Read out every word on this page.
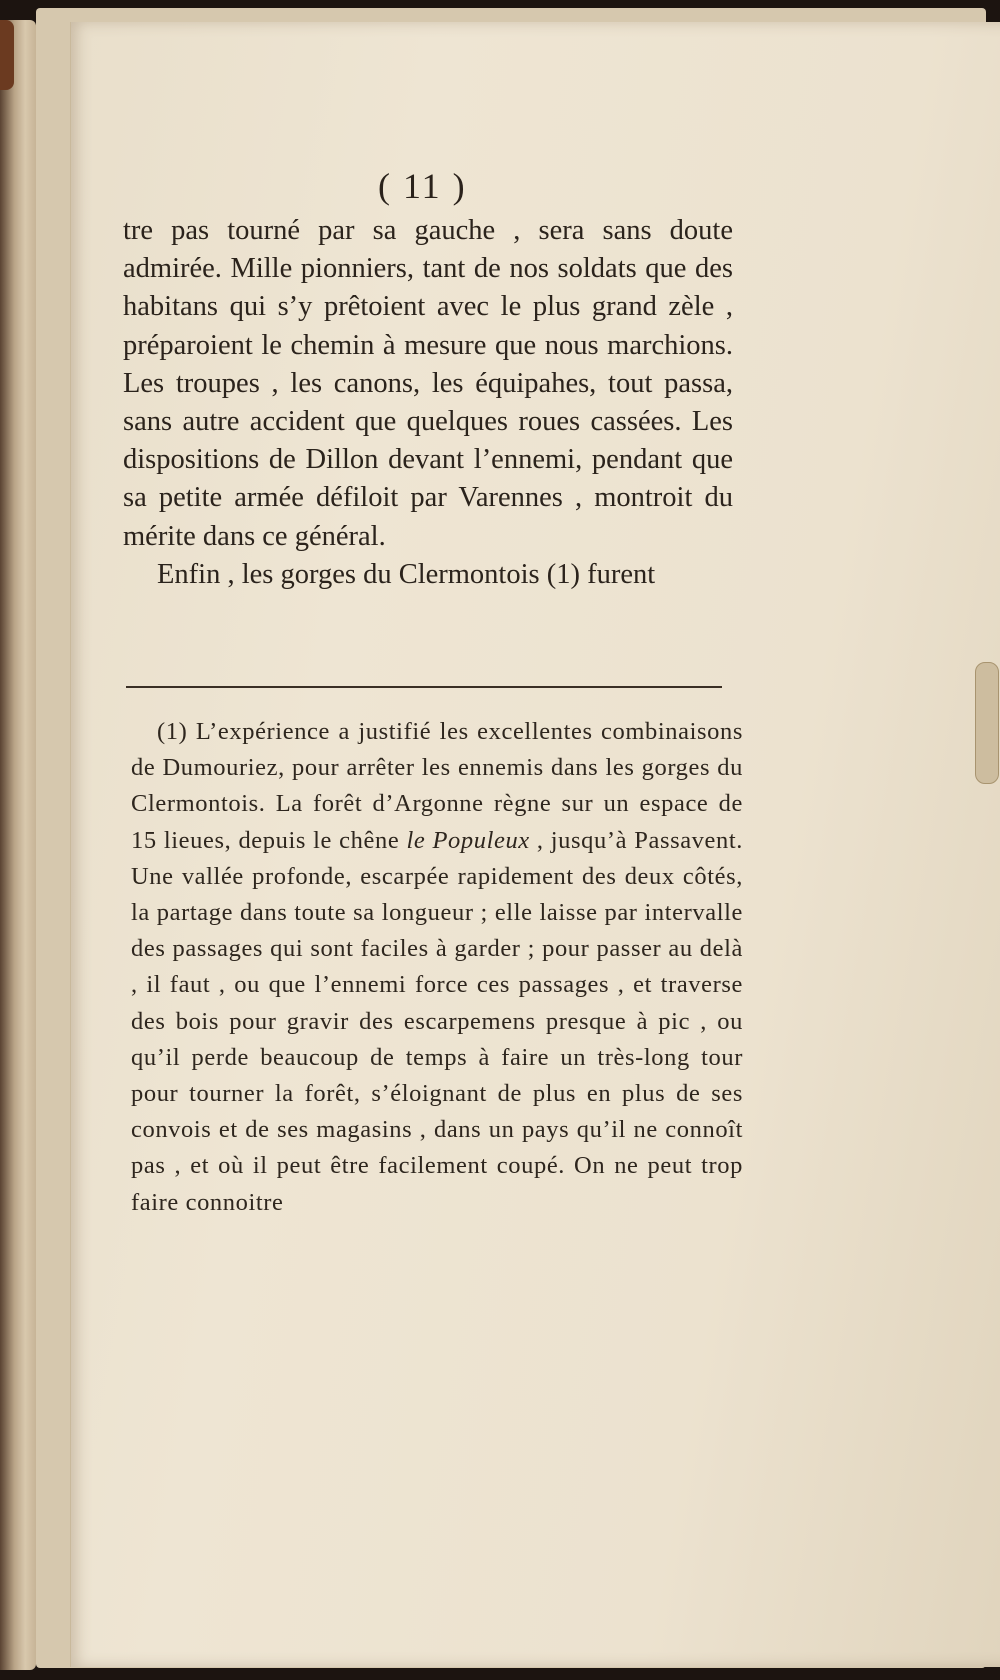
( 11 )

tre pas tourné par sa gauche , sera sans doute admirée. Mille pionniers, tant de nos soldats que des habitans qui s’y prêtoient avec le plus grand zèle , préparoient le chemin à mesure que nous marchions. Les troupes , les canons, les équipahes, tout passa, sans autre accident que quelques roues cassées. Les dispositions de Dillon devant l’ennemi, pendant que sa petite armée défiloit par Varennes , montroit du mérite dans ce général.

Enfin , les gorges du Clermontois (1) furent

(1) L’expérience a justifié les excellentes combinaisons de Dumouriez, pour arrêter les ennemis dans les gorges du Clermontois. La forêt d’Argonne règne sur un espace de 15 lieues, depuis le chêne le Populeux , jusqu’à Passavent. Une vallée profonde, escarpée rapidement des deux côtés, la partage dans toute sa longueur ; elle laisse par intervalle des passages qui sont faciles à garder ; pour passer au delà , il faut , ou que l’ennemi force ces passages , et traverse des bois pour gravir des escarpemens presque à pic , ou qu’il perde beaucoup de temps à faire un très-long tour pour tourner la forêt, s’éloignant de plus en plus de ses convois et de ses magasins , dans un pays qu’il ne connoît pas , et où il peut être facilement coupé. On ne peut trop faire connoitre
